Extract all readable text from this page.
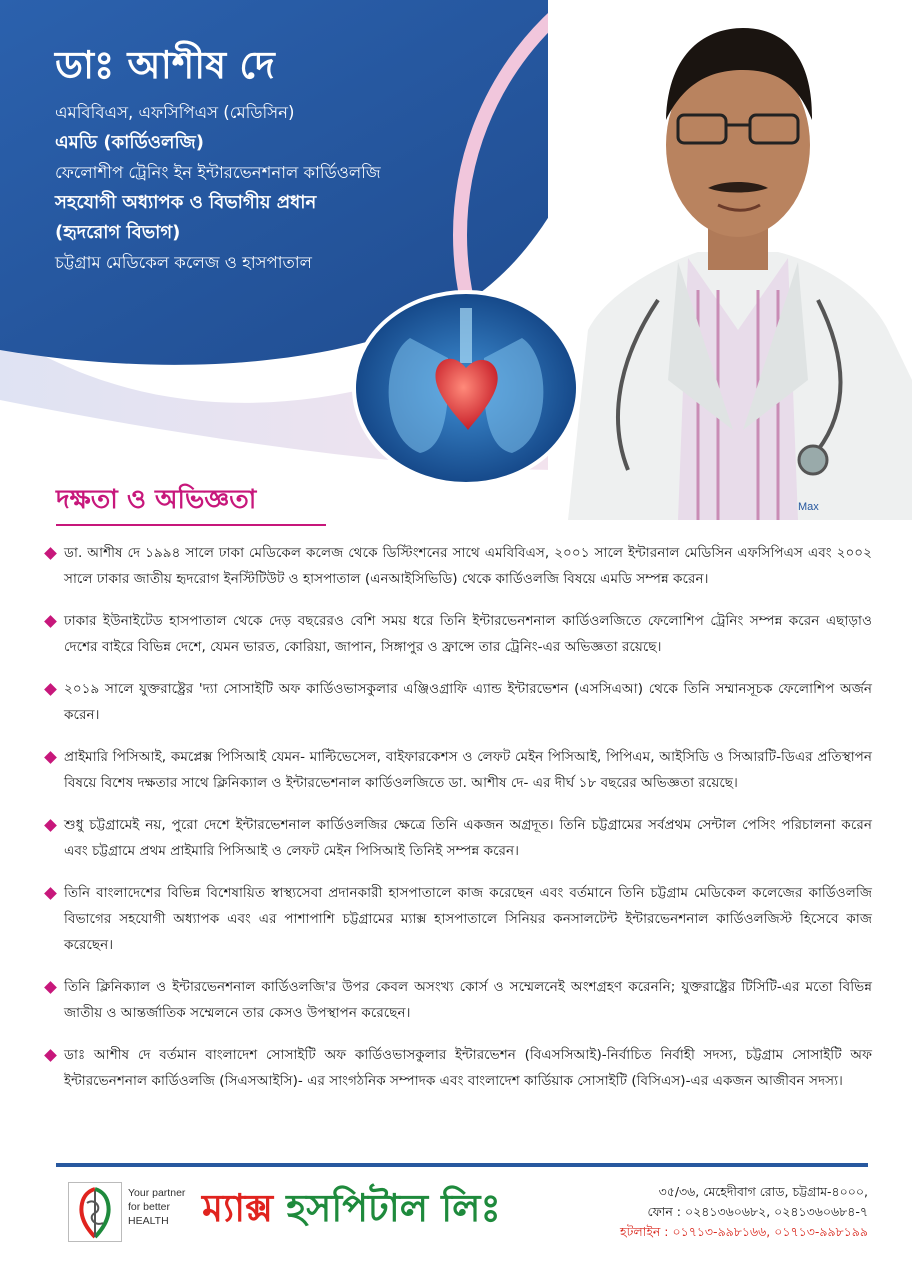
ডাঃ আশীষ দে
এমবিবিএস, এফসিপিএস (মেডিসিন)
এমডি (কার্ডিওলজি)
ফেলোশীপ ট্রেনিং ইন ইন্টারভেনশনাল কার্ডিওলজি
সহযোগী অধ্যাপক ও বিভাগীয় প্রধান
(হৃদরোগ বিভাগ)
চট্টগ্রাম মেডিকেল কলেজ ও হাসপাতাল
Max
দক্ষতা ও অভিজ্ঞতা
ডা. আশীষ দে ১৯৯৪ সালে ঢাকা মেডিকেল কলেজ থেকে ডিস্টিংশনের সাথে এমবিবিএস, ২০০১ সালে ইন্টারনাল মেডিসিন এফসিপিএস এবং ২০০২ সালে ঢাকার জাতীয় হৃদরোগ ইনস্টিটিউট ও হাসপাতাল (এনআইসিভিডি) থেকে কার্ডিওলজি বিষয়ে এমডি সম্পন্ন করেন।
ঢাকার ইউনাইটেড হাসপাতাল থেকে দেড় বছরেরও বেশি সময় ধরে তিনি ইন্টারভেনশনাল কার্ডিওলজিতে ফেলোশিপ ট্রেনিং সম্পন্ন করেন এছাড়াও দেশের বাইরে বিভিন্ন দেশে, যেমন ভারত, কোরিয়া, জাপান, সিঙ্গাপুর ও ফ্রান্সে তার ট্রেনিং-এর অভিজ্ঞতা রয়েছে।
২০১৯ সালে যুক্তরাষ্ট্রের 'দ্যা সোসাইটি অফ কার্ডিওভাসকুলার এঞ্জিওগ্রাফি এ্যান্ড ইন্টারভেশন (এসসিএআ) থেকে তিনি সম্মানসূচক ফেলোশিপ অর্জন করেন।
প্রাইমারি পিসিআই, কমপ্লেক্স পিসিআই যেমন- মাল্টিভেসেল, বাইফারকেশস ও লেফট মেইন পিসিআই, পিপিএম, আইসিডি ও সিআরটি-ডিএর প্রতিস্থাপন বিষয়ে বিশেষ দক্ষতার সাথে ক্লিনিক্যাল ও ইন্টারভেশনাল কার্ডিওলজিতে ডা. আশীষ দে- এর দীর্ঘ ১৮ বছরের অভিজ্ঞতা রয়েছে।
শুধু চট্টগ্রামেই নয়, পুরো দেশে ইন্টারভেশনাল কার্ডিওলজির ক্ষেত্রে তিনি একজন অগ্রদূত। তিনি চট্টগ্রামের সর্বপ্রথম সেন্টাল পেসিং পরিচালনা করেন এবং চট্টগ্রামে প্রথম প্রাইমারি পিসিআই ও লেফট মেইন পিসিআই তিনিই সম্পন্ন করেন।
তিনি বাংলাদেশের বিভিন্ন বিশেষায়িত স্বাস্থ্যসেবা প্রদানকারী হাসপাতালে কাজ করেছেন এবং বর্তমানে তিনি চট্টগ্রাম মেডিকেল কলেজের কার্ডিওলজি বিভাগের সহযোগী অধ্যাপক এবং এর পাশাপাশি চট্টগ্রামের ম্যাক্স হাসপাতালে সিনিয়র কনসালটেন্ট ইন্টারভেনশনাল কার্ডিওলজিস্ট হিসেবে কাজ করেছেন।
তিনি ক্লিনিক্যাল ও ইন্টারভেনশনাল কার্ডিওলজি'র উপর কেবল অসংখ্য কোর্স ও সম্মেলনেই অংশগ্রহণ করেননি; যুক্তরাষ্ট্রের টিসিটি-এর মতো বিভিন্ন জাতীয় ও আন্তর্জাতিক সম্মেলনে তার কেসও উপস্থাপন করেছেন।
ডাঃ আশীষ দে বর্তমান বাংলাদেশ সোসাইটি অফ কার্ডিওভাসকুলার ইন্টারভেশন (বিএসসিআই)-নির্বাচিত নির্বাহী সদস্য, চট্টগ্রাম সোসাইটি অফ ইন্টারভেনশনাল কার্ডিওলজি (সিএসআইসি)- এর সাংগঠনিক সম্পাদক এবং বাংলাদেশ কার্ডিয়াক সোসাইটি (বিসিএস)-এর একজন আজীবন সদস্য।
Your partner
for better
HEALTH ম্যাক্স হসপিটাল লিঃ	৩৫/৩৬, মেহেদীবাগ রোড, চট্টগ্রাম-৪০০০,
ফোন : ০২৪১৩৬০৬৮২, ০২৪১৩৬০৬৮৪-৭
হটলাইন : ০১৭১৩-৯৯৮১৬৬, ০১৭১৩-৯৯৮১৯৯
